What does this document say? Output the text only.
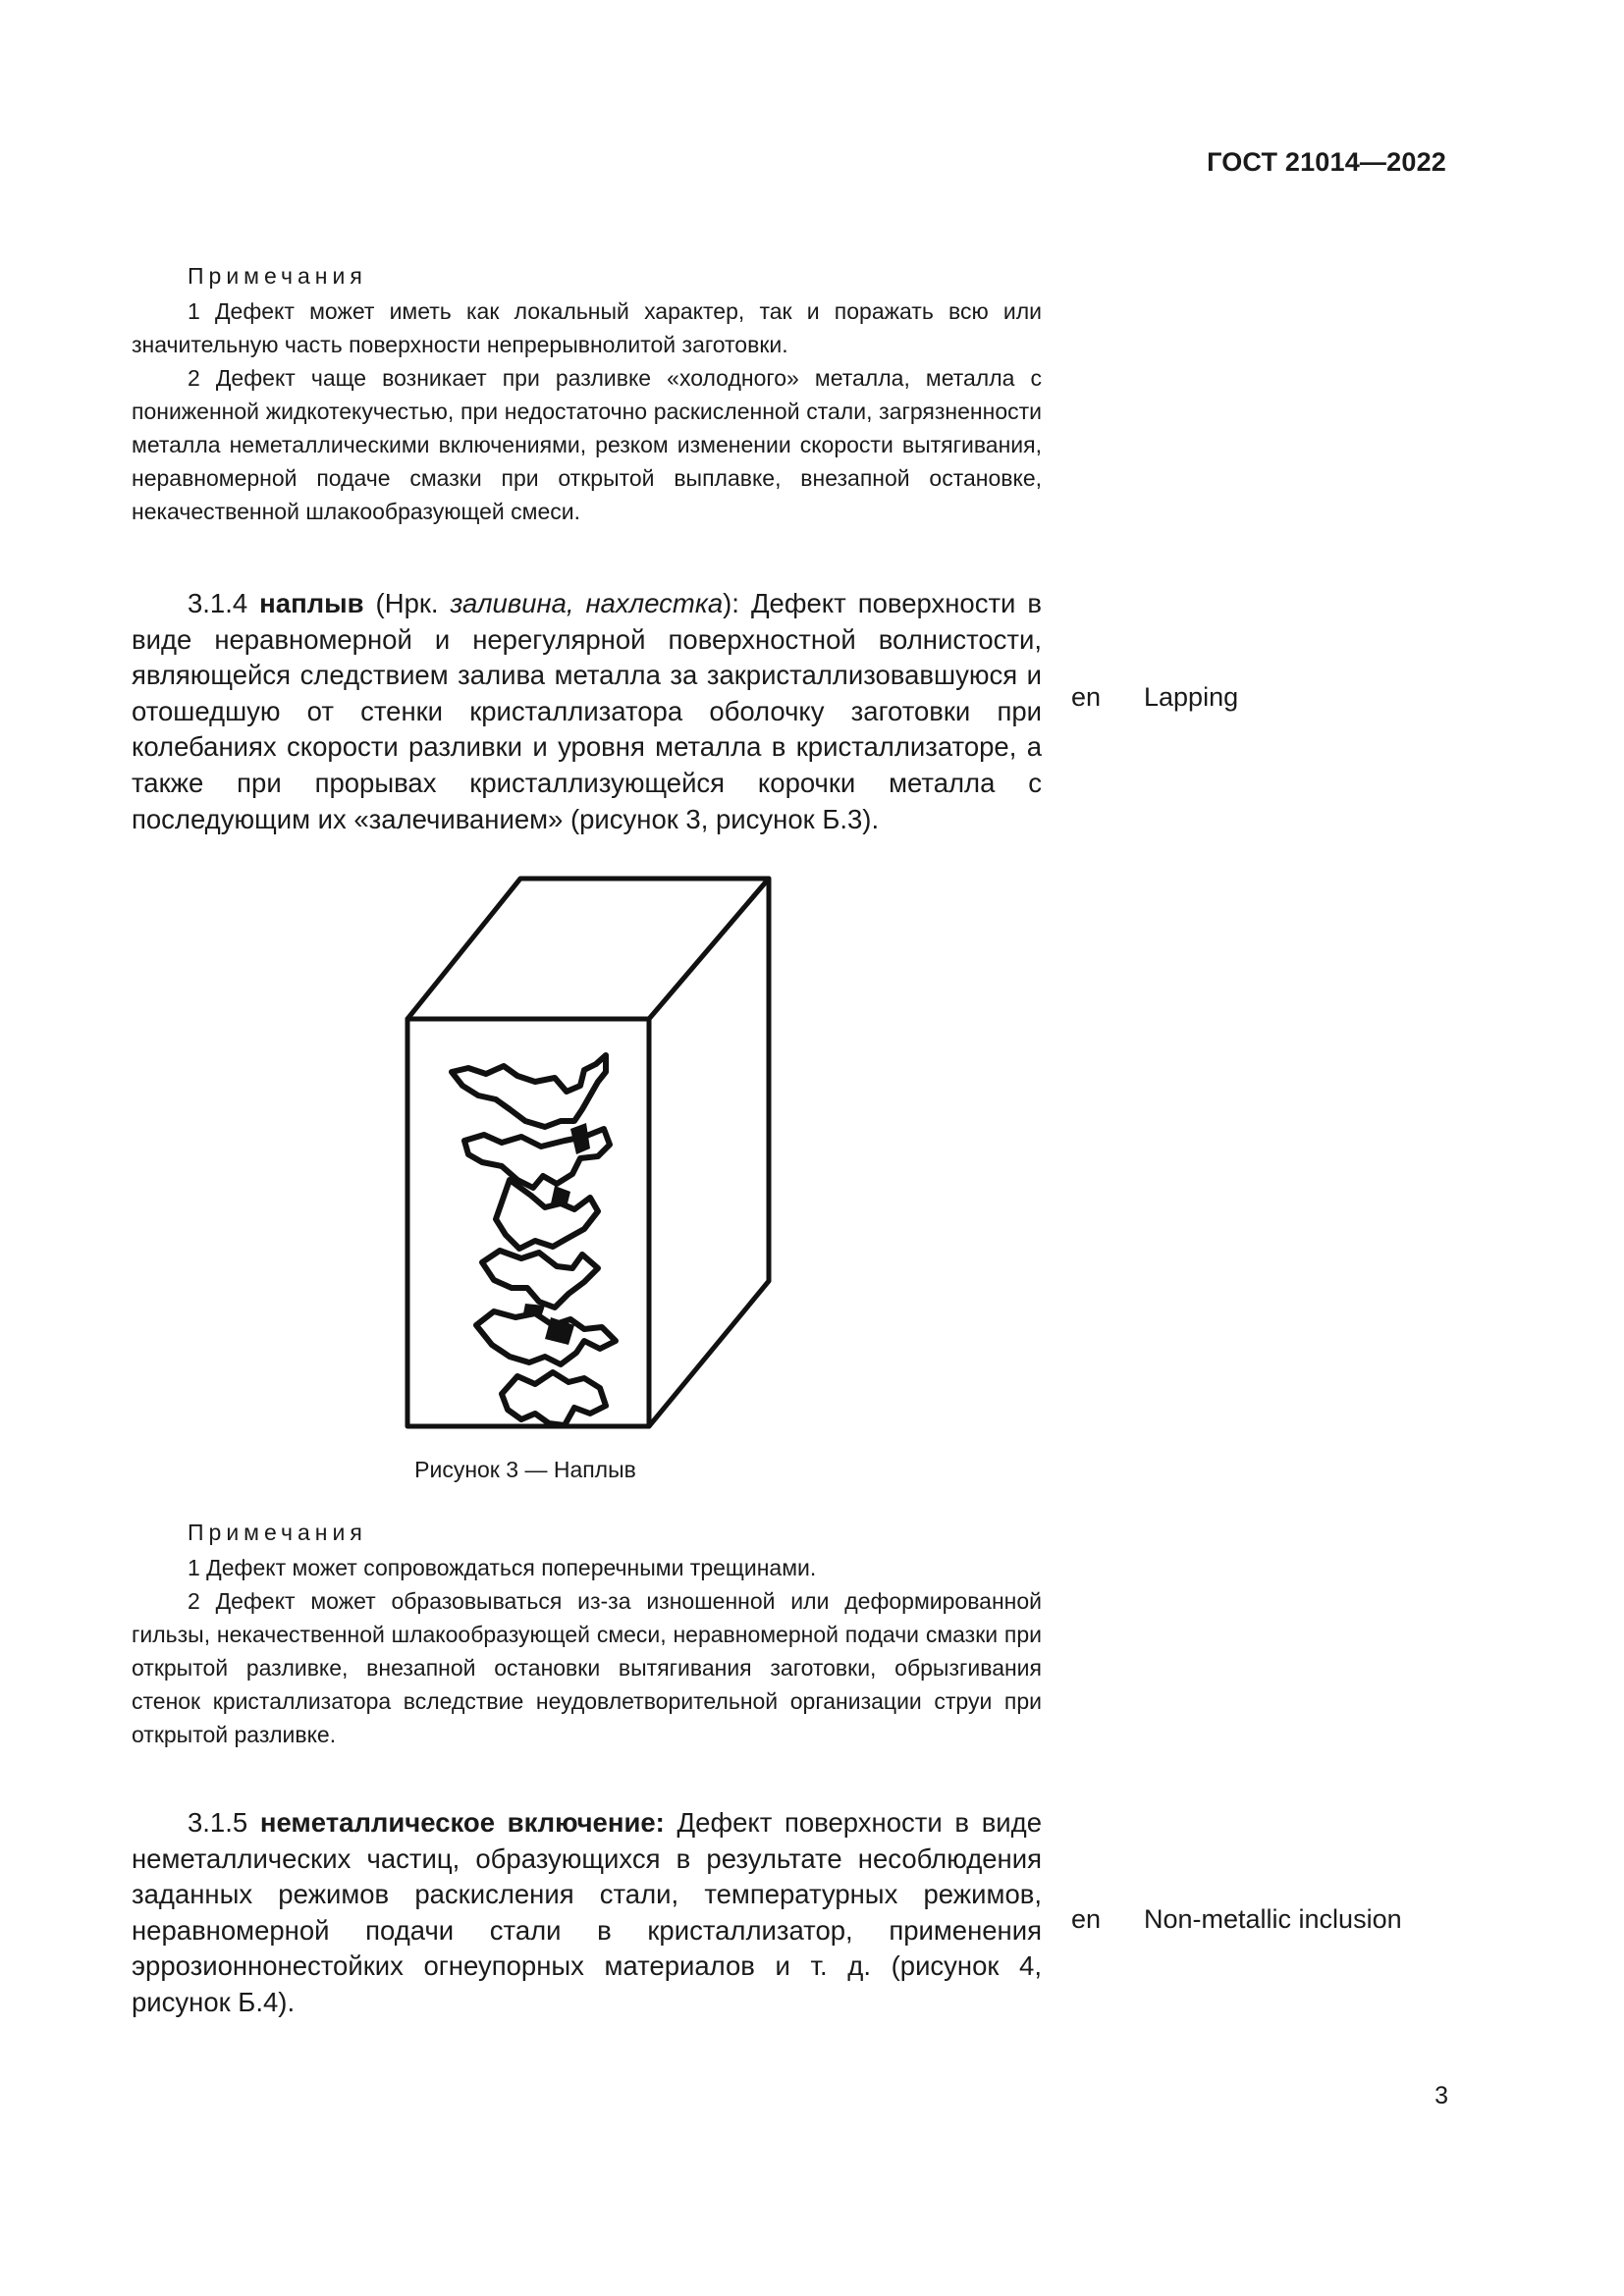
ГОСТ 21014—2022
Примечания

1 Дефект может иметь как локальный характер, так и поражать всю или значительную часть поверхности непрерывнолитой заготовки.

2 Дефект чаще возникает при разливке «холодного» металла, металла с пониженной жидкотекучестью, при недостаточно раскисленной стали, загрязненности металла неметаллическими включениями, резком изменении скорости вытягивания, неравномерной подаче смазки при открытой выплавке, внезапной остановке, некачественной шлакообразующей смеси.

3.1.4 наплыв (Нрк. заливина, нахлестка): Дефект поверхности в виде неравномерной и нерегулярной поверхностной волнистости, являющейся следствием залива металла за закристаллизовавшуюся и отошедшую от стенки кристаллизатора оболочку заготовки при колебаниях скорости разливки и уровня металла в кристаллизаторе, а также при прорывах кристаллизующейся корочки металла с последующим их «залечиванием» (рисунок 3, рисунок Б.3).

en Lapping
Рисунок 3 — Наплыв
Примечания

1 Дефект может сопровождаться поперечными трещинами.

2 Дефект может образовываться из-за изношенной или деформированной гильзы, некачественной шлакообразующей смеси, неравномерной подачи смазки при открытой разливке, внезапной остановки вытягивания заготовки, обрызгивания стенок кристаллизатора вследствие неудовлетворительной организации струи при открытой разливке.

3.1.5 неметаллическое включение: Дефект поверхности в виде неметаллических частиц, образующихся в результате несоблюдения заданных режимов раскисления стали, температурных режимов, неравномерной подачи стали в кристаллизатор, применения эррозионнонестойких огнеупорных материалов и т. д. (рисунок 4, рисунок Б.4).

en Non-metallic inclusion
3
